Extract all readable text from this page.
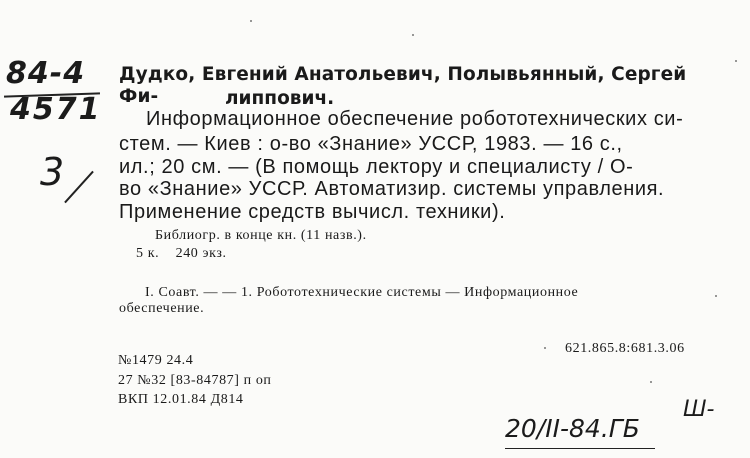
84-4
4571
Дудко, Евгений Анатольевич, Полывьянный, Сергей Фи-	липпович.
3
Информационное обеспечение робототехнических си-
стем. — Киев : о-во «Знание» УССР, 1983. — 16 с.,
ил.; 20 см. — (В помощь лектору и специалисту / О-
во «Знание» УССР. Автоматизир. системы управления.
Применение средств вычисл. техники).
Библиогр. в конце кн. (11 назв.).
5 к.    240 экз.
I. Соавт. — — 1. Робототехнические системы — Информационное
обеспечение.
621.865.8:681.3.06
№1479 24.4
27 №32 [83-84787] п оп
ВКП 12.01.84 Д814
20/II-84.ГБ
Ш-
